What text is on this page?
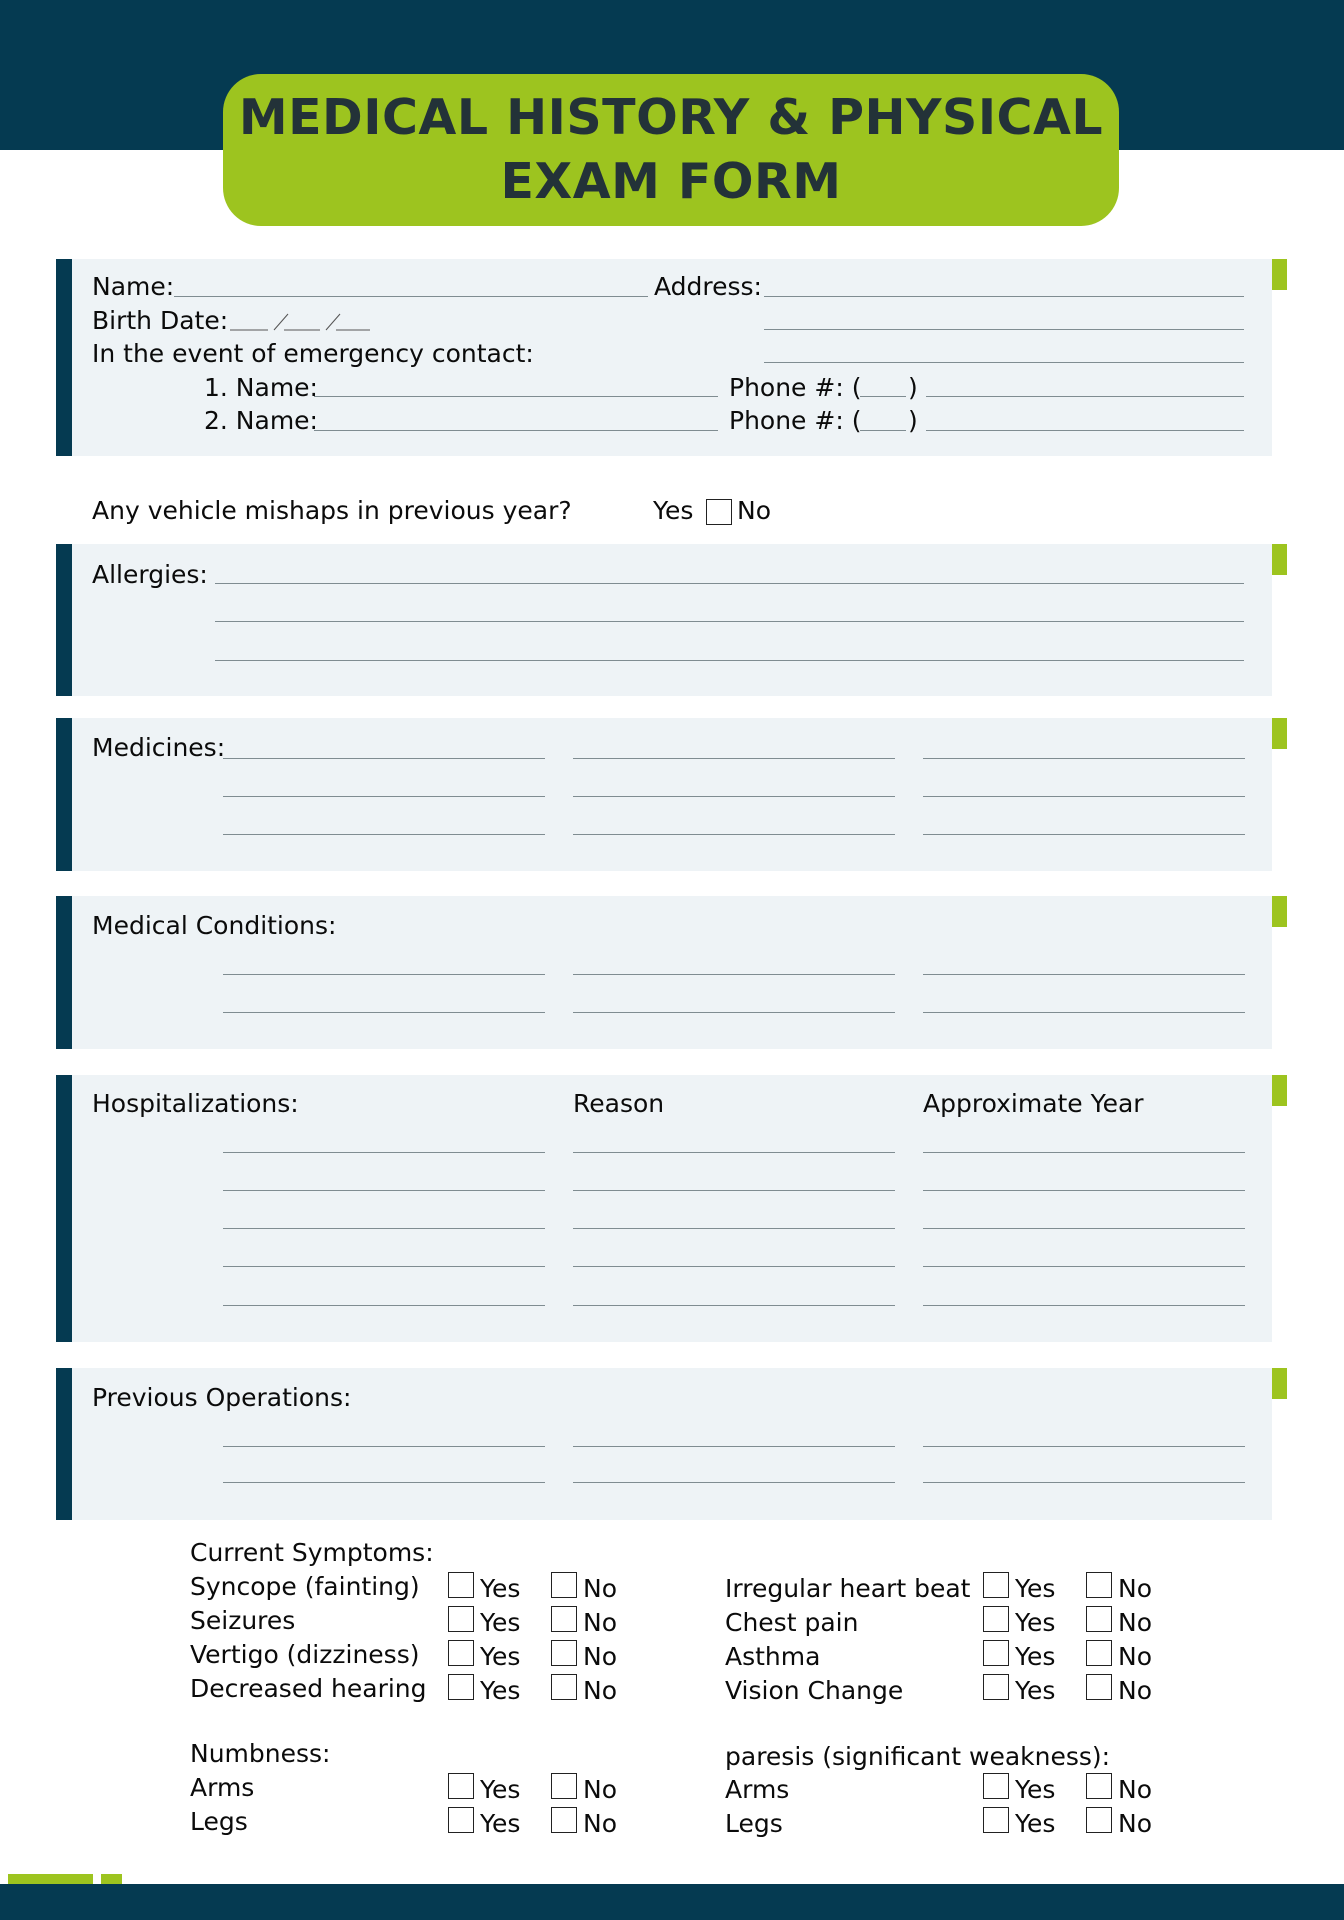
MEDICAL HISTORY & PHYSICAL
EXAM FORM
Name:	Address:
Birth Date:
In the event of emergency contact:
1. Name:	Phone #: ( )
2. Name:	Phone #: ( )
Any vehicle mishaps in previous year?	Yes No
Allergies:
Medicines:
Medical Conditions:
Hospitalizations:	Reason	Approximate Year
Previous Operations:
Current Symptoms:
Syncope (fainting) Yes	No	Irregular heart beat Yes	No
Seizures	Yes	No	Chest pain	Yes	No
Vertigo (dizziness) Yes	No	Asthma	Yes	No
Decreased hearing Yes	No	Vision Change	Yes	No
Numbness:	paresis (significant weakness):
Arms	Yes	No	Arms	Yes	No
Legs	Yes	No	Legs	Yes	No
